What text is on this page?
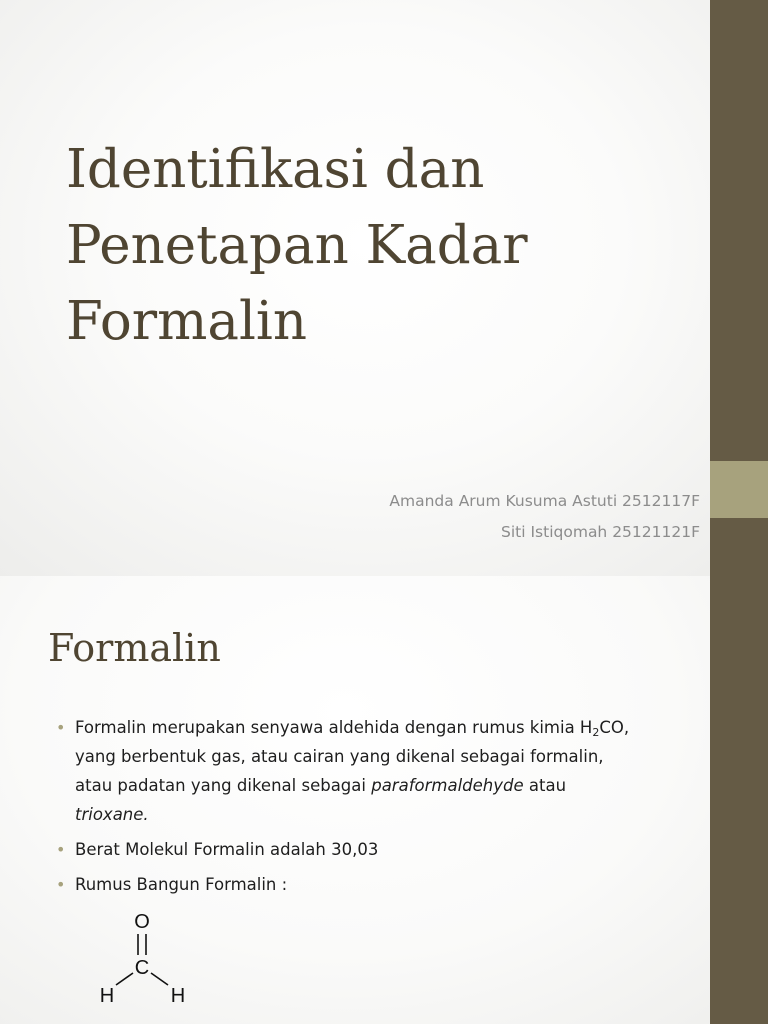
Identifikasi dan
Penetapan Kadar
Formalin
Amanda Arum Kusuma Astuti 2512117F
Siti Istiqomah 25121121F
Formalin
• Formalin merupakan senyawa aldehida dengan rumus kimia $H_2CO$, yang berbentuk gas, atau cairan yang dikenal sebagai formalin, atau padatan yang dikenal sebagai paraformaldehyde atau trioxane.
• Berat Molekul Formalin adalah 30,03
• Rumus Bangun Formalin :
O
C
H	H
